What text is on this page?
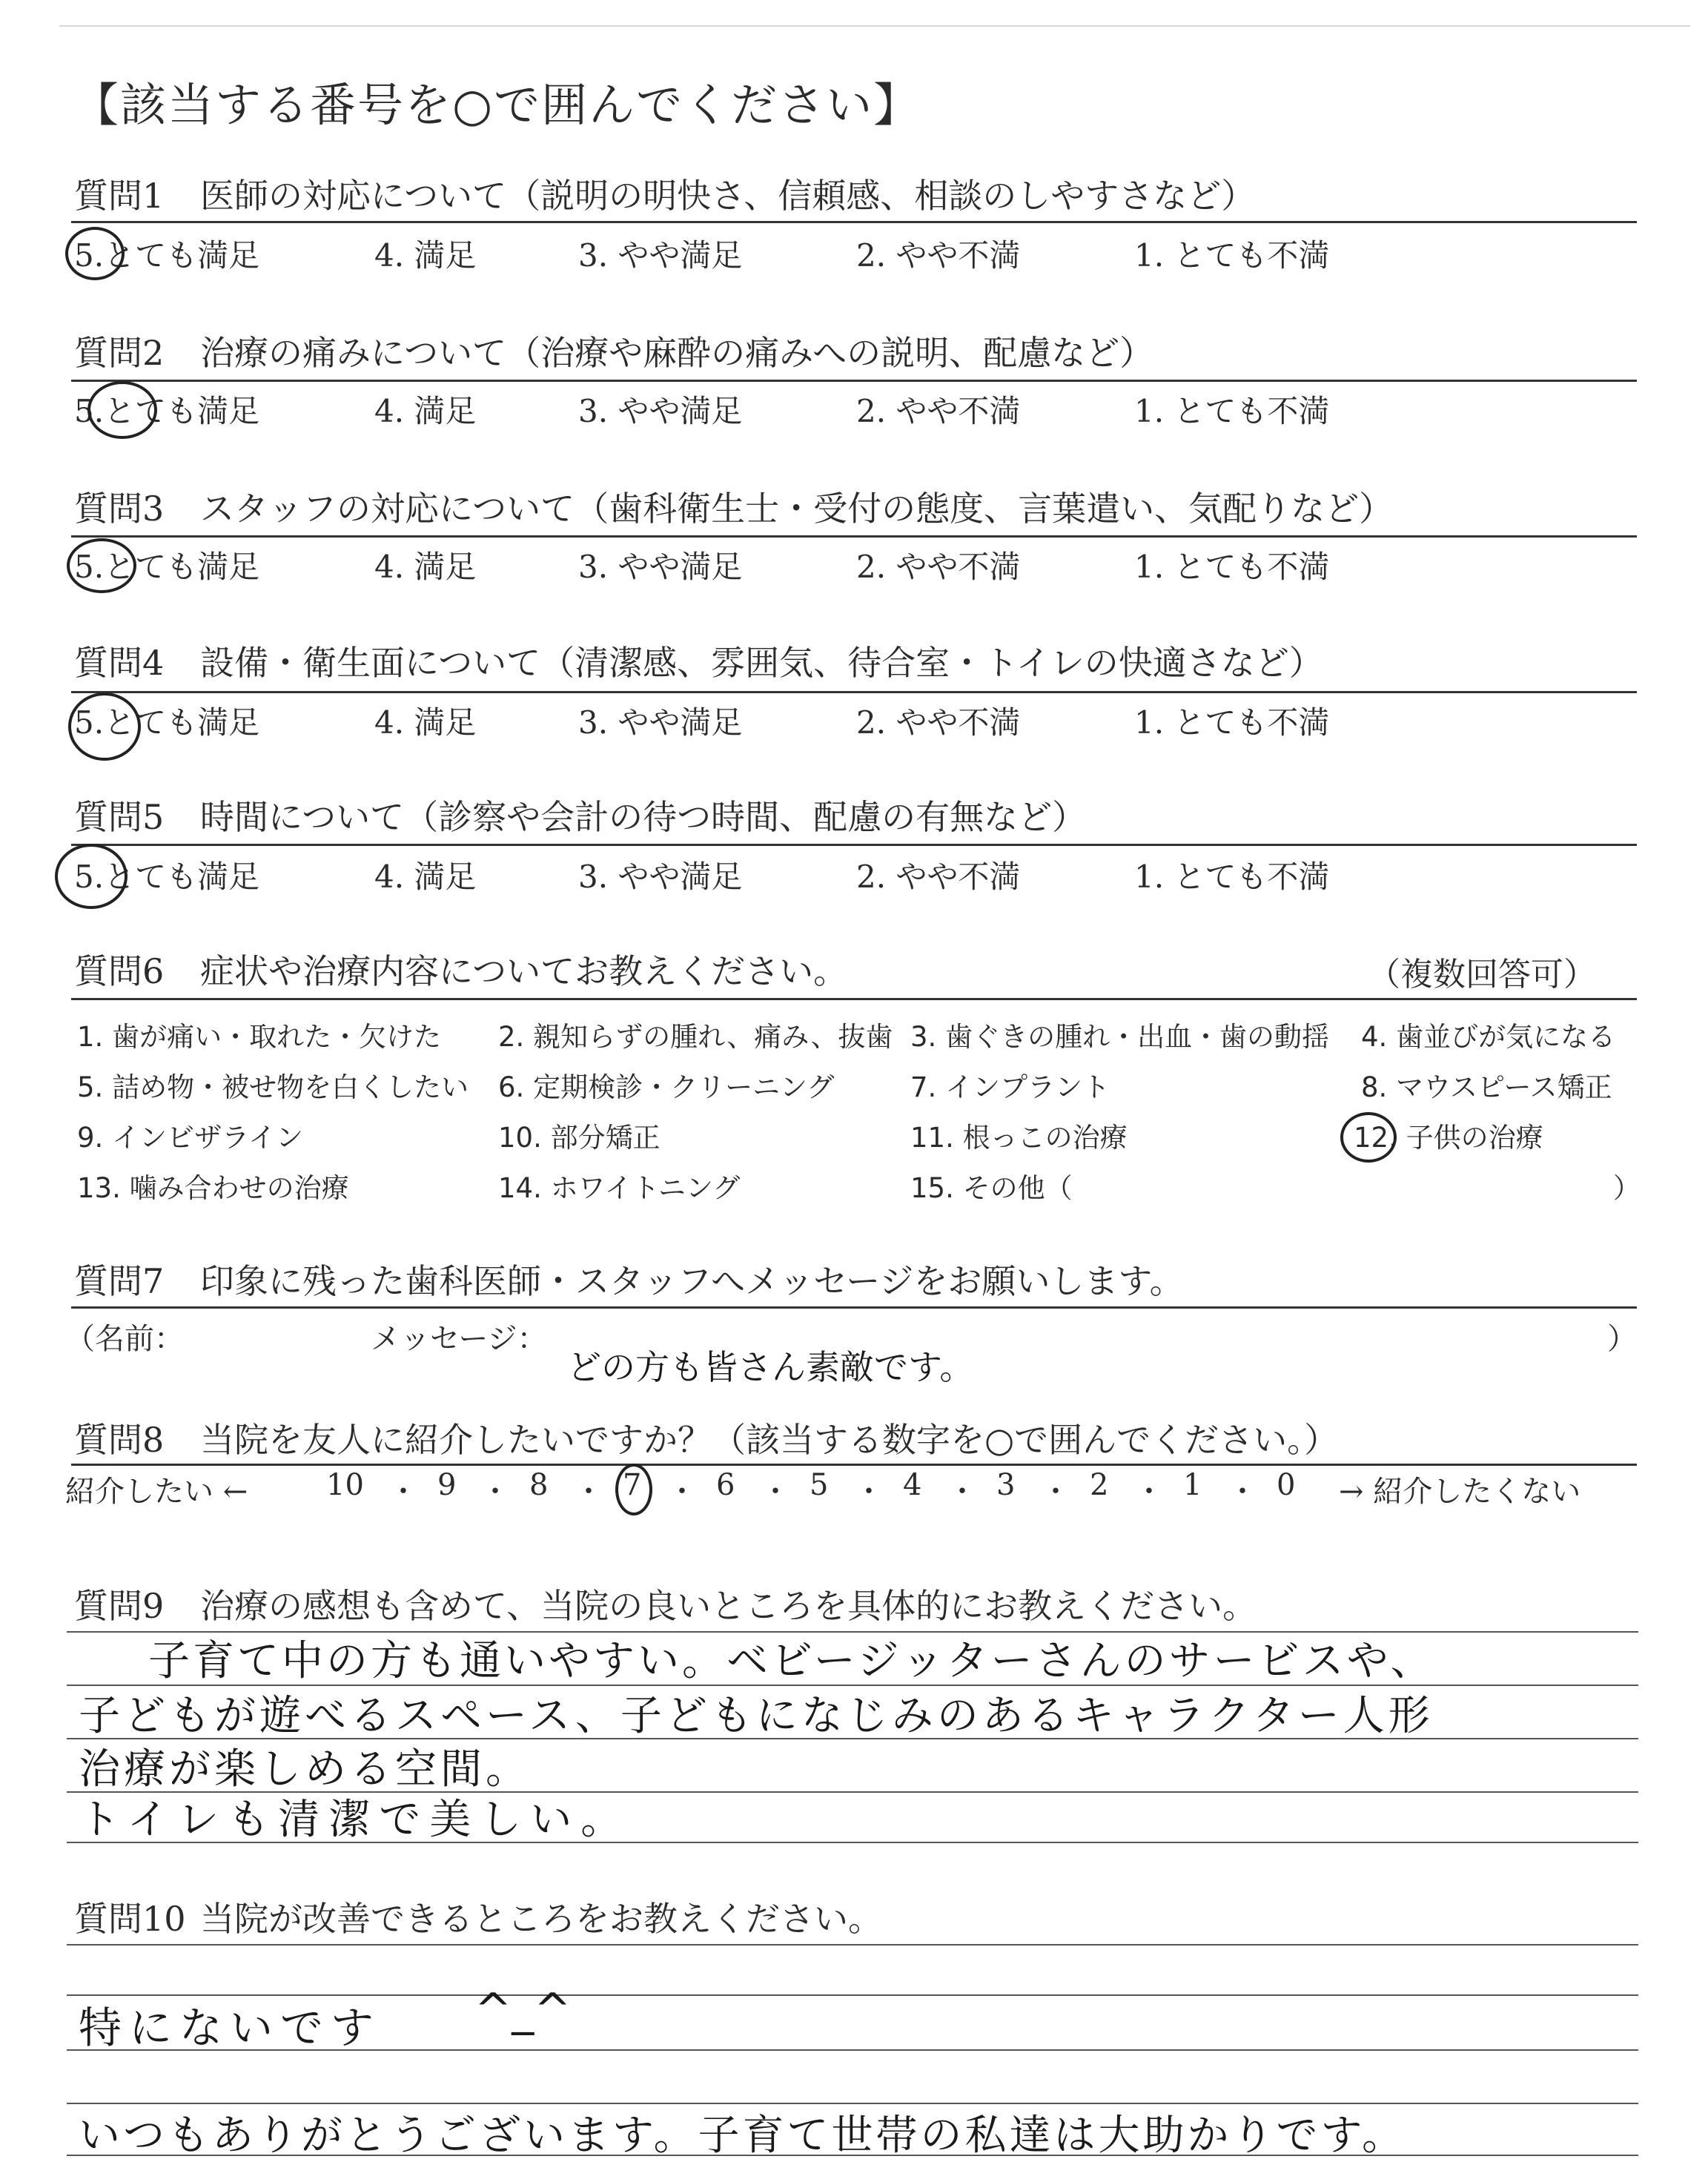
【該当する番号を○で囲んでください】
質問1 医師の対応について（説明の明快さ、信頼感、相談のしやすさなど）
5.とても満足	4. 満足	3. やや満足	2. やや不満	1. とても不満
質問2 治療の痛みについて（治療や麻酔の痛みへの説明、配慮など）
5.とても満足	4. 満足	3. やや満足	2. やや不満	1. とても不満
質問3 スタッフの対応について（歯科衛生士・受付の態度、言葉遣い、気配りなど）
5.とても満足	4. 満足	3. やや満足	2. やや不満	1. とても不満
質問4 設備・衛生面について（清潔感、雰囲気、待合室・トイレの快適さなど）
5.とても満足	4. 満足	3. やや満足	2. やや不満	1. とても不満
質問5 時間について（診察や会計の待つ時間、配慮の有無など）
5.とても満足	4. 満足	3. やや満足	2. やや不満	1. とても不満
質問6 症状や治療内容についてお教えください。	（複数回答可）
1. 歯が痛い・取れた・欠けた 2. 親知らずの腫れ、痛み、抜歯 3. 歯ぐきの腫れ・出血・歯の動揺 4. 歯並びが気になる
5. 詰め物・被せ物を白くしたい 6. 定期検診・クリーニング	7. インプラント	8. マウスピース矯正
9. インビザライン	10. 部分矯正	11. 根っこの治療	12. 子供の治療
13. 噛み合わせの治療	14. ホワイトニング	15. その他（	）
質問7 印象に残った歯科医師・スタッフへメッセージをお願いします。
（名前：	メッセージ：	）
どの方も皆さん素敵です。
質問8 当院を友人に紹介したいですか？（該当する数字を○で囲んでください。）
紹介したい ←	10 ・ 9 ・ 8 ・ 7 ・ 6 ・ 5 ・ 4 ・ 3 ・ 2 ・ 1 ・ 0 → 紹介したくない
質問9 治療の感想も含めて、当院の良いところを具体的にお教えください。
子育て中の方も通いやすい。ベビージッターさんのサービスや、
子どもが遊べるスペース、子どもになじみのあるキャラクター人形
治療が楽しめる空間。
トイレも清潔で美しい。
質問10 当院が改善できるところをお教えください。
特にないです ^_^
いつもありがとうございます。子育て世帯の私達は大助かりです。
